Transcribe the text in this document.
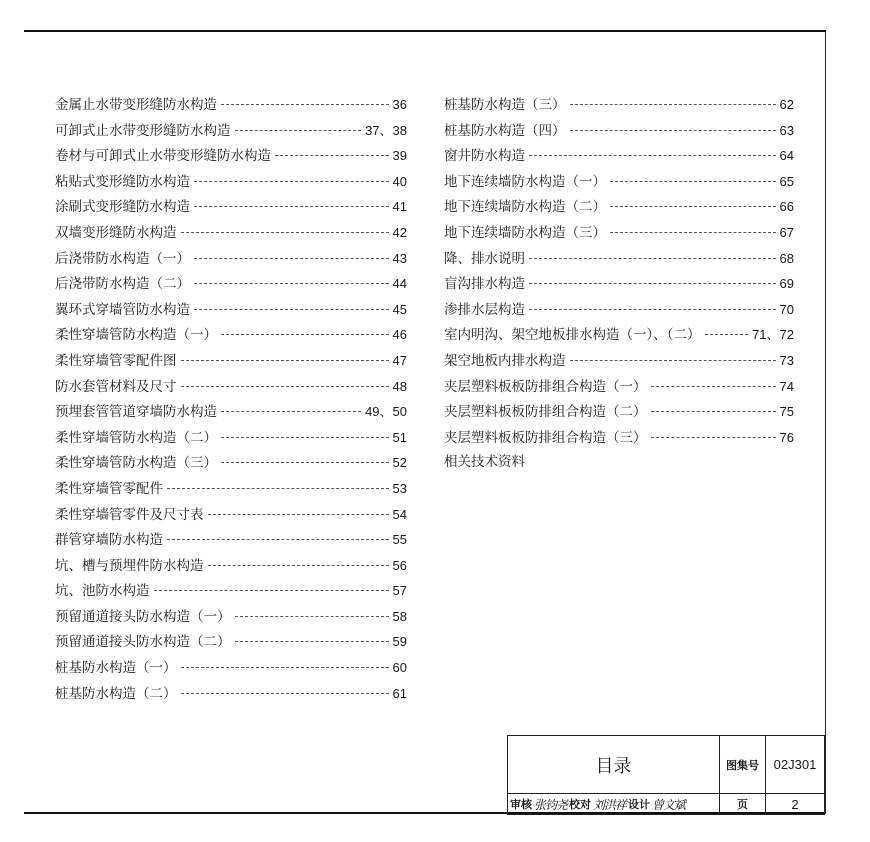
金属止水带变形缝防水构造	36
可卸式止水带变形缝防水构造	37、38
卷材与可卸式止水带变形缝防水构造	39
粘贴式变形缝防水构造	40
涂刷式变形缝防水构造	41
双墙变形缝防水构造	42
后浇带防水构造（一）	43
后浇带防水构造（二）	44
翼环式穿墙管防水构造	45
柔性穿墙管防水构造（一）	46
柔性穿墙管零配件图	47
防水套管材料及尺寸	48
预埋套管管道穿墙防水构造	49、50
柔性穿墙管防水构造（二）	51
柔性穿墙管防水构造（三）	52
柔性穿墙管零配件	53
柔性穿墙管零件及尺寸表	54
群管穿墙防水构造	55
坑、槽与预埋件防水构造	56
坑、池防水构造	57
预留通道接头防水构造（一）	58
预留通道接头防水构造（二）	59
桩基防水构造（一）	60
桩基防水构造（二）	61
桩基防水构造（三）	62
桩基防水构造（四）	63
窗井防水构造	64
地下连续墙防水构造（一）	65
地下连续墙防水构造（二）	66
地下连续墙防水构造（三）	67
降、排水说明	68
盲沟排水构造	69
渗排水层构造	70
室内明沟、架空地板排水构造（一）、（二）	71、72
架空地板内排水构造	73
夹层塑料板板防排组合构造（一）	74
夹层塑料板板防排组合构造（二）	75
夹层塑料板板防排组合构造（三）	76
相关技术资料
目录	图集号	02J301
审核 张钧尧 校对 刘洪祥 设计 曾文斌	页	2
